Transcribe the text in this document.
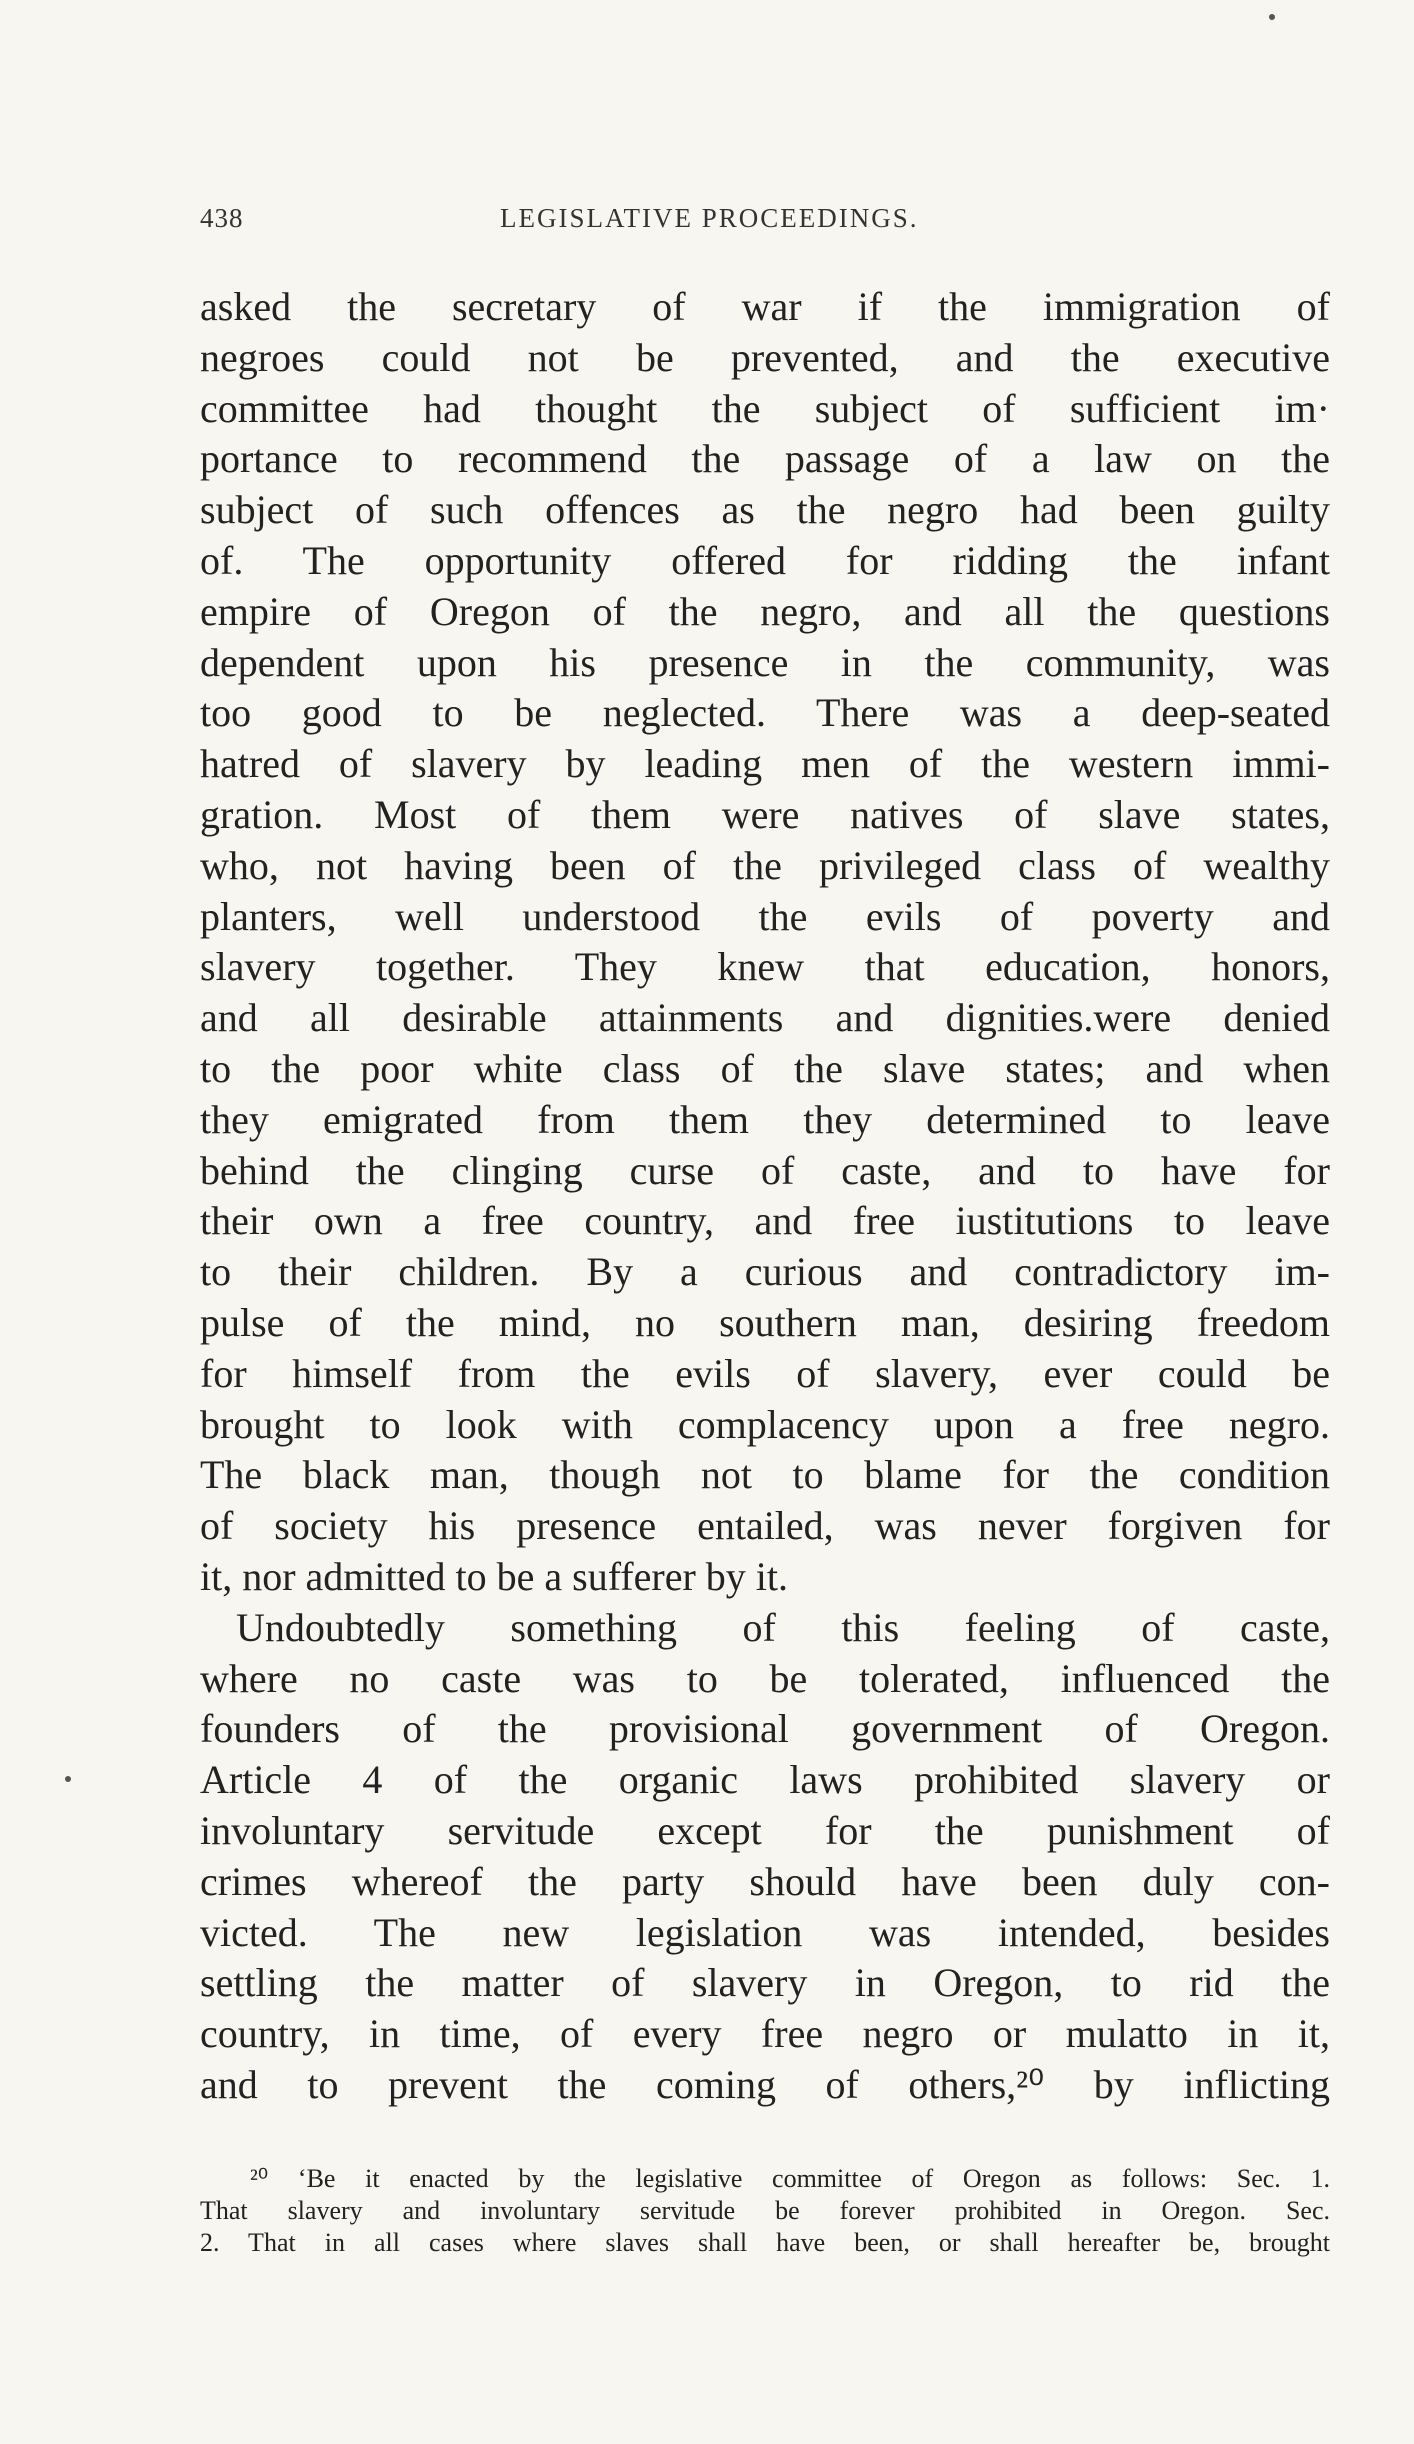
438	LEGISLATIVE PROCEEDINGS.
asked the secretary of war if the immigration of
negroes could not be prevented, and the executive
committee had thought the subject of sufficient im·
portance to recommend the passage of a law on the
subject of such offences as the negro had been guilty
of. The opportunity offered for ridding the infant
empire of Oregon of the negro, and all the questions
dependent upon his presence in the community, was
too good to be neglected. There was a deep-seated
hatred of slavery by leading men of the western immi-
gration. Most of them were natives of slave states,
who, not having been of the privileged class of wealthy
planters, well understood the evils of poverty and
slavery together. They knew that education, honors,
and all desirable attainments and dignities.were denied
to the poor white class of the slave states; and when
they emigrated from them they determined to leave
behind the clinging curse of caste, and to have for
their own a free country, and free iustitutions to leave
to their children. By a curious and contradictory im-
pulse of the mind, no southern man, desiring freedom
for himself from the evils of slavery, ever could be
brought to look with complacency upon a free negro.
The black man, though not to blame for the condition
of society his presence entailed, was never forgiven for
it, nor admitted to be a sufferer by it.
Undoubtedly something of this feeling of caste,
where no caste was to be tolerated, influenced the
founders of the provisional government of Oregon.
Article 4 of the organic laws prohibited slavery or
involuntary servitude except for the punishment of
crimes whereof the party should have been duly con-
victed. The new legislation was intended, besides
settling the matter of slavery in Oregon, to rid the
country, in time, of every free negro or mulatto in it,
and to prevent the coming of others,²⁰ by inflicting
²⁰ ‘Be it enacted by the legislative committee of Oregon as follows: Sec. 1.
That slavery and involuntary servitude be forever prohibited in Oregon. Sec.
2. That in all cases where slaves shall have been, or shall hereafter be, brought
